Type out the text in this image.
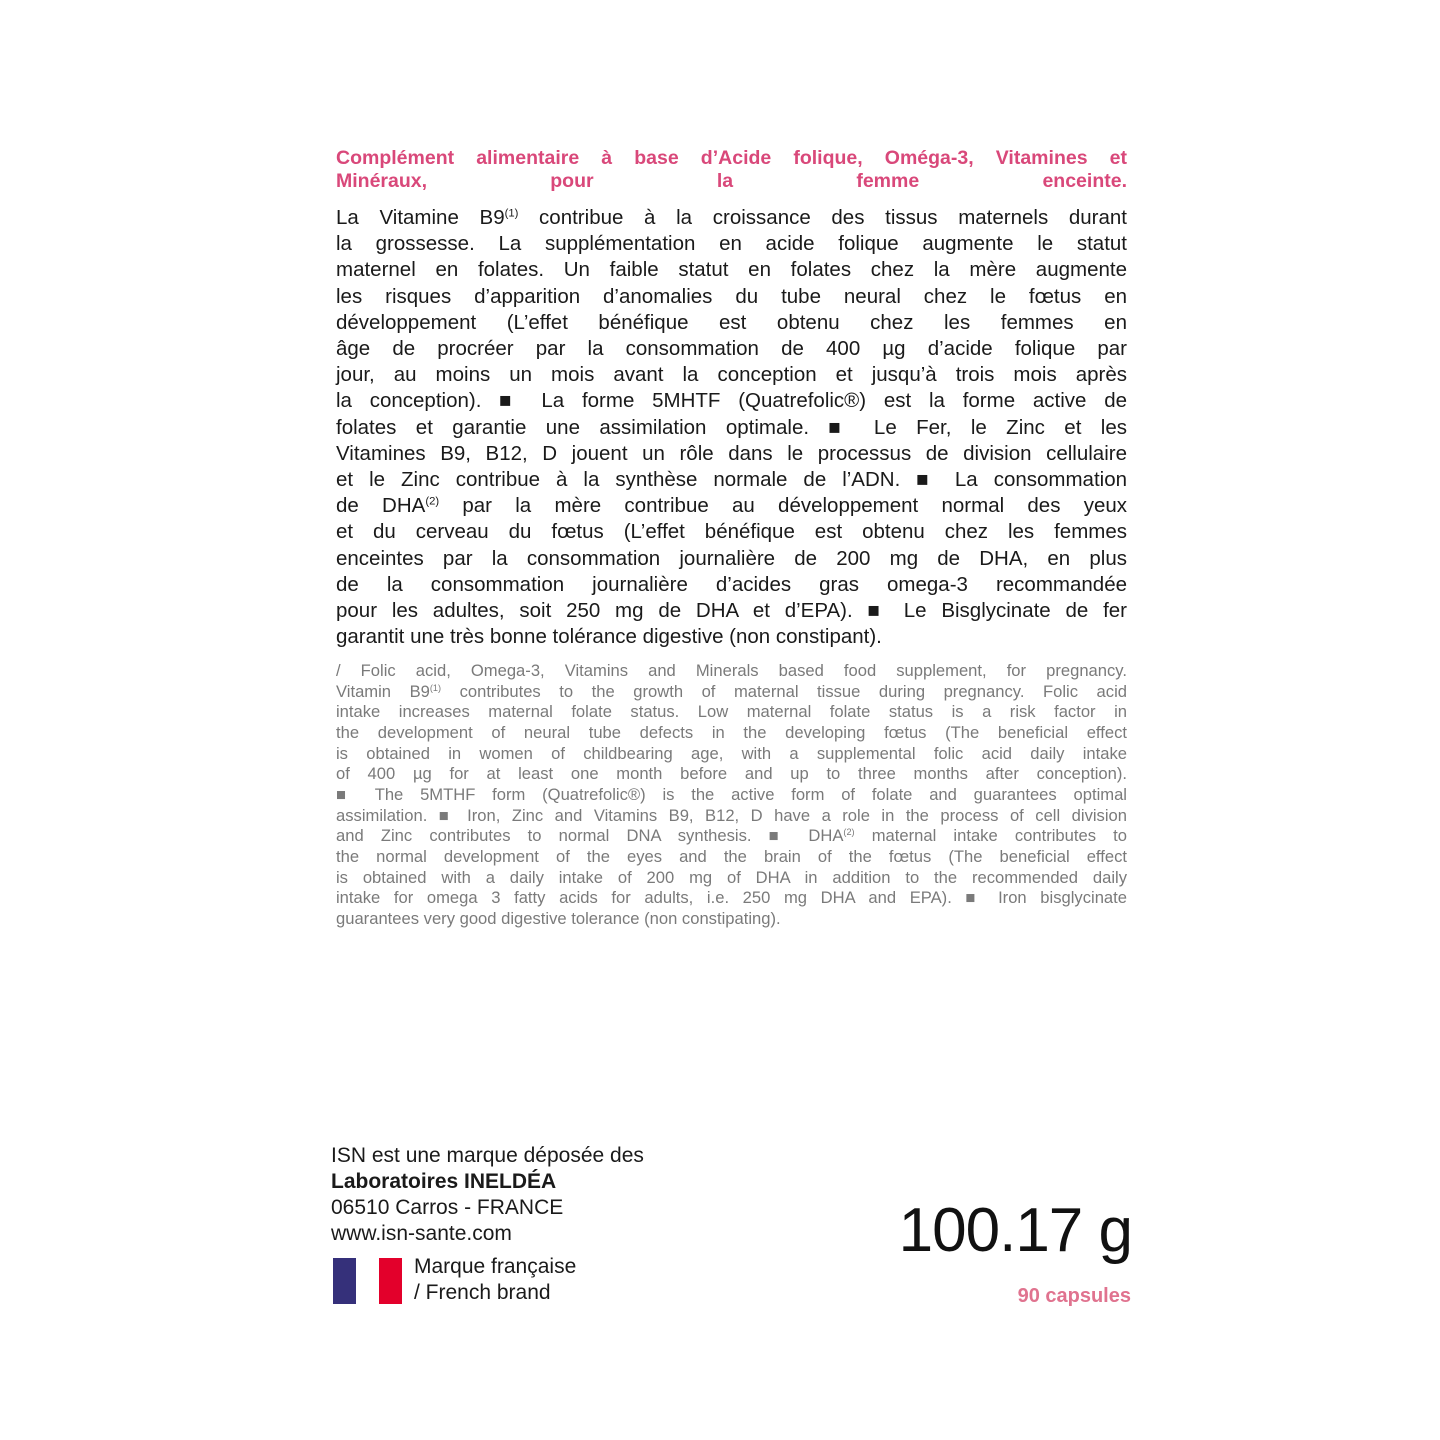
Complément alimentaire à base d’Acide folique, Oméga-3, Vitamines et
Minéraux, pour la femme enceinte.
La Vitamine B9$^{(1)}$ contribue à la croissance des tissus maternels durant
la grossesse. La supplémentation en acide folique augmente le statut
maternel en folates. Un faible statut en folates chez la mère augmente
les risques d’apparition d’anomalies du tube neural chez le fœtus en
développement (L’effet bénéfique est obtenu chez les femmes en
âge de procréer par la consommation de 400 µg d’acide folique par
jour, au moins un mois avant la conception et jusqu’à trois mois après
la conception). ■ La forme 5MHTF (Quatrefolic®) est la forme active de
folates et garantie une assimilation optimale. ■ Le Fer, le Zinc et les
Vitamines B9, B12, D jouent un rôle dans le processus de division cellulaire
et le Zinc contribue à la synthèse normale de l’ADN. ■ La consommation
de DHA$^{(2)}$ par la mère contribue au développement normal des yeux
et du cerveau du fœtus (L’effet bénéfique est obtenu chez les femmes
enceintes par la consommation journalière de 200 mg de DHA, en plus
de la consommation journalière d’acides gras omega-3 recommandée
pour les adultes, soit 250 mg de DHA et d’EPA). ■ Le Bisglycinate de fer
garantit une très bonne tolérance digestive (non constipant).
/ Folic acid, Omega-3, Vitamins and Minerals based food supplement, for pregnancy.
Vitamin B9$^{(1)}$ contributes to the growth of maternal tissue during pregnancy. Folic acid
intake increases maternal folate status. Low maternal folate status is a risk factor in
the development of neural tube defects in the developing fœtus (The beneficial effect
is obtained in women of childbearing age, with a supplemental folic acid daily intake
of 400 µg for at least one month before and up to three months after conception).
■ The 5MTHF form (Quatrefolic®) is the active form of folate and guarantees optimal
assimilation. ■ Iron, Zinc and Vitamins B9, B12, D have a role in the process of cell division
and Zinc contributes to normal DNA synthesis. ■ DHA$^{(2)}$ maternal intake contributes to
the normal development of the eyes and the brain of the fœtus (The beneficial effect
is obtained with a daily intake of 200 mg of DHA in addition to the recommended daily
intake for omega 3 fatty acids for adults, i.e. 250 mg DHA and EPA). ■ Iron bisglycinate
guarantees very good digestive tolerance (non constipating).
ISN est une marque déposée des
Laboratoires INELDÉA
06510 Carros - FRANCE
www.isn-sante.com
Marque française
/ French brand
100.17 g
90 capsules
